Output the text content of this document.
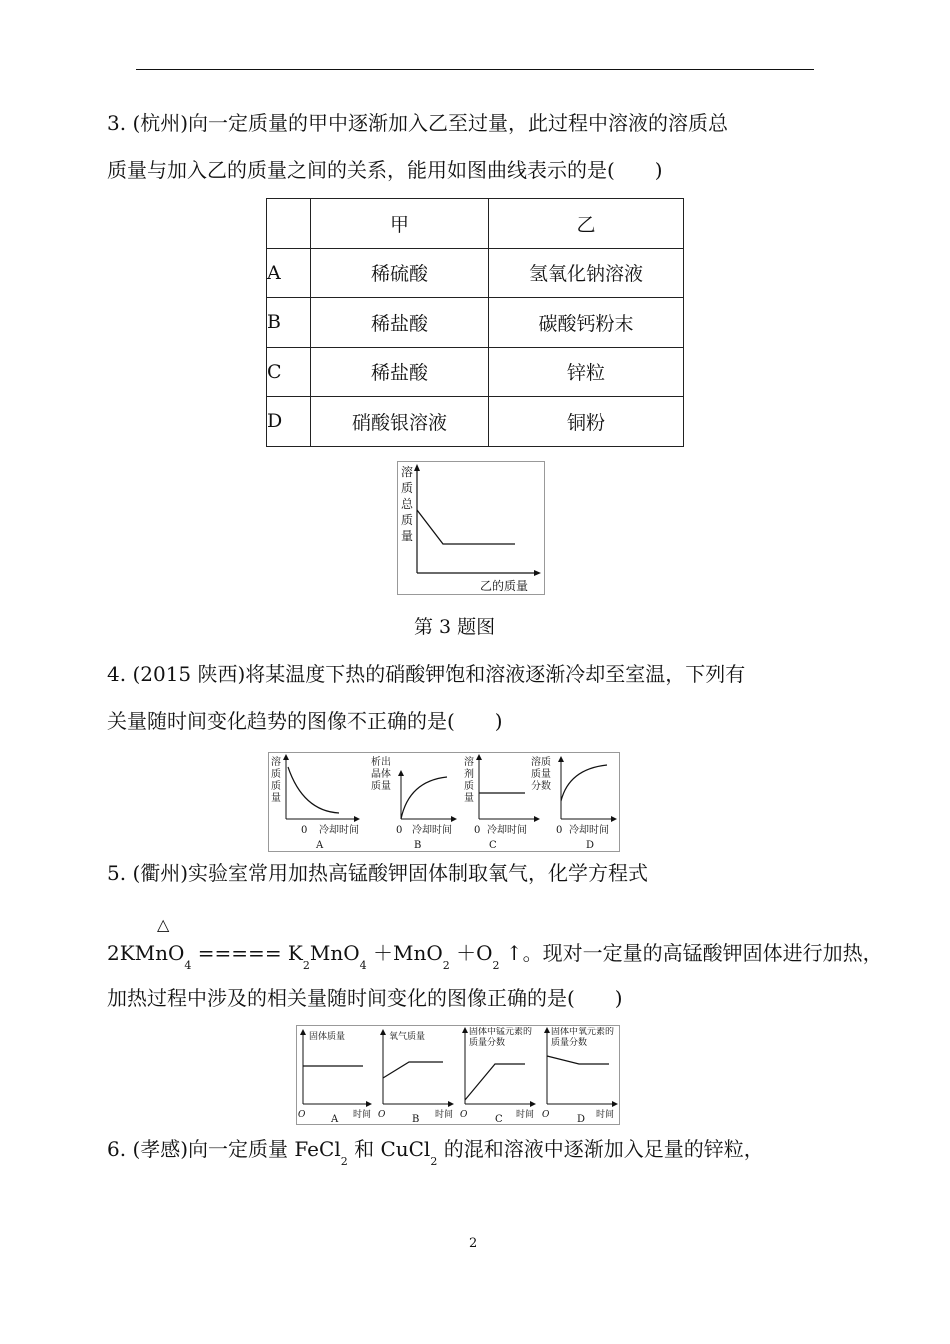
3. (杭州)向一定质量的甲中逐渐加入乙至过量，此过程中溶液的溶质总
质量与加入乙的质量之间的关系，能用如图曲线表示的是(　　)
	甲	乙
A	稀硫酸	氢氧化钠溶液
B	稀盐酸	碳酸钙粉末
C	稀盐酸	锌粒
D	硝酸银溶液	铜粉
溶
质
总
质
量
乙的质量
第 3 题图
4. (2015 陕西)将某温度下热的硝酸钾饱和溶液逐渐冷却至室温，下列有
关量随时间变化趋势的图像不正确的是(　　)
溶
质
质
量
0 冷却时间
A
析出
晶体
质量
0 冷却时间
B
溶
剂
质
量
0 冷却时间
C
溶质
质量
分数
0 冷却时间
D
5. (衢州)实验室常用加热高锰酸钾固体制取氧气，化学方程式
△
2KMnO$_4$ ===== $K_2MnO_4 +MnO_2 +O_2$ ↑。现对一定量的高锰酸钾固体进行加热，
加热过程中涉及的相关量随时间变化的图像正确的是(　　)
固体质量
O	时间
A
氧气质量
O	时间
B
固体中锰元素的质量分数
O	时间
C
固体中氧元素的质量分数
O	时间
D
6. (孝感)向一定质量 FeCl$_2$ 和 CuCl$_2$ 的混和溶液中逐渐加入足量的锌粒，
2
